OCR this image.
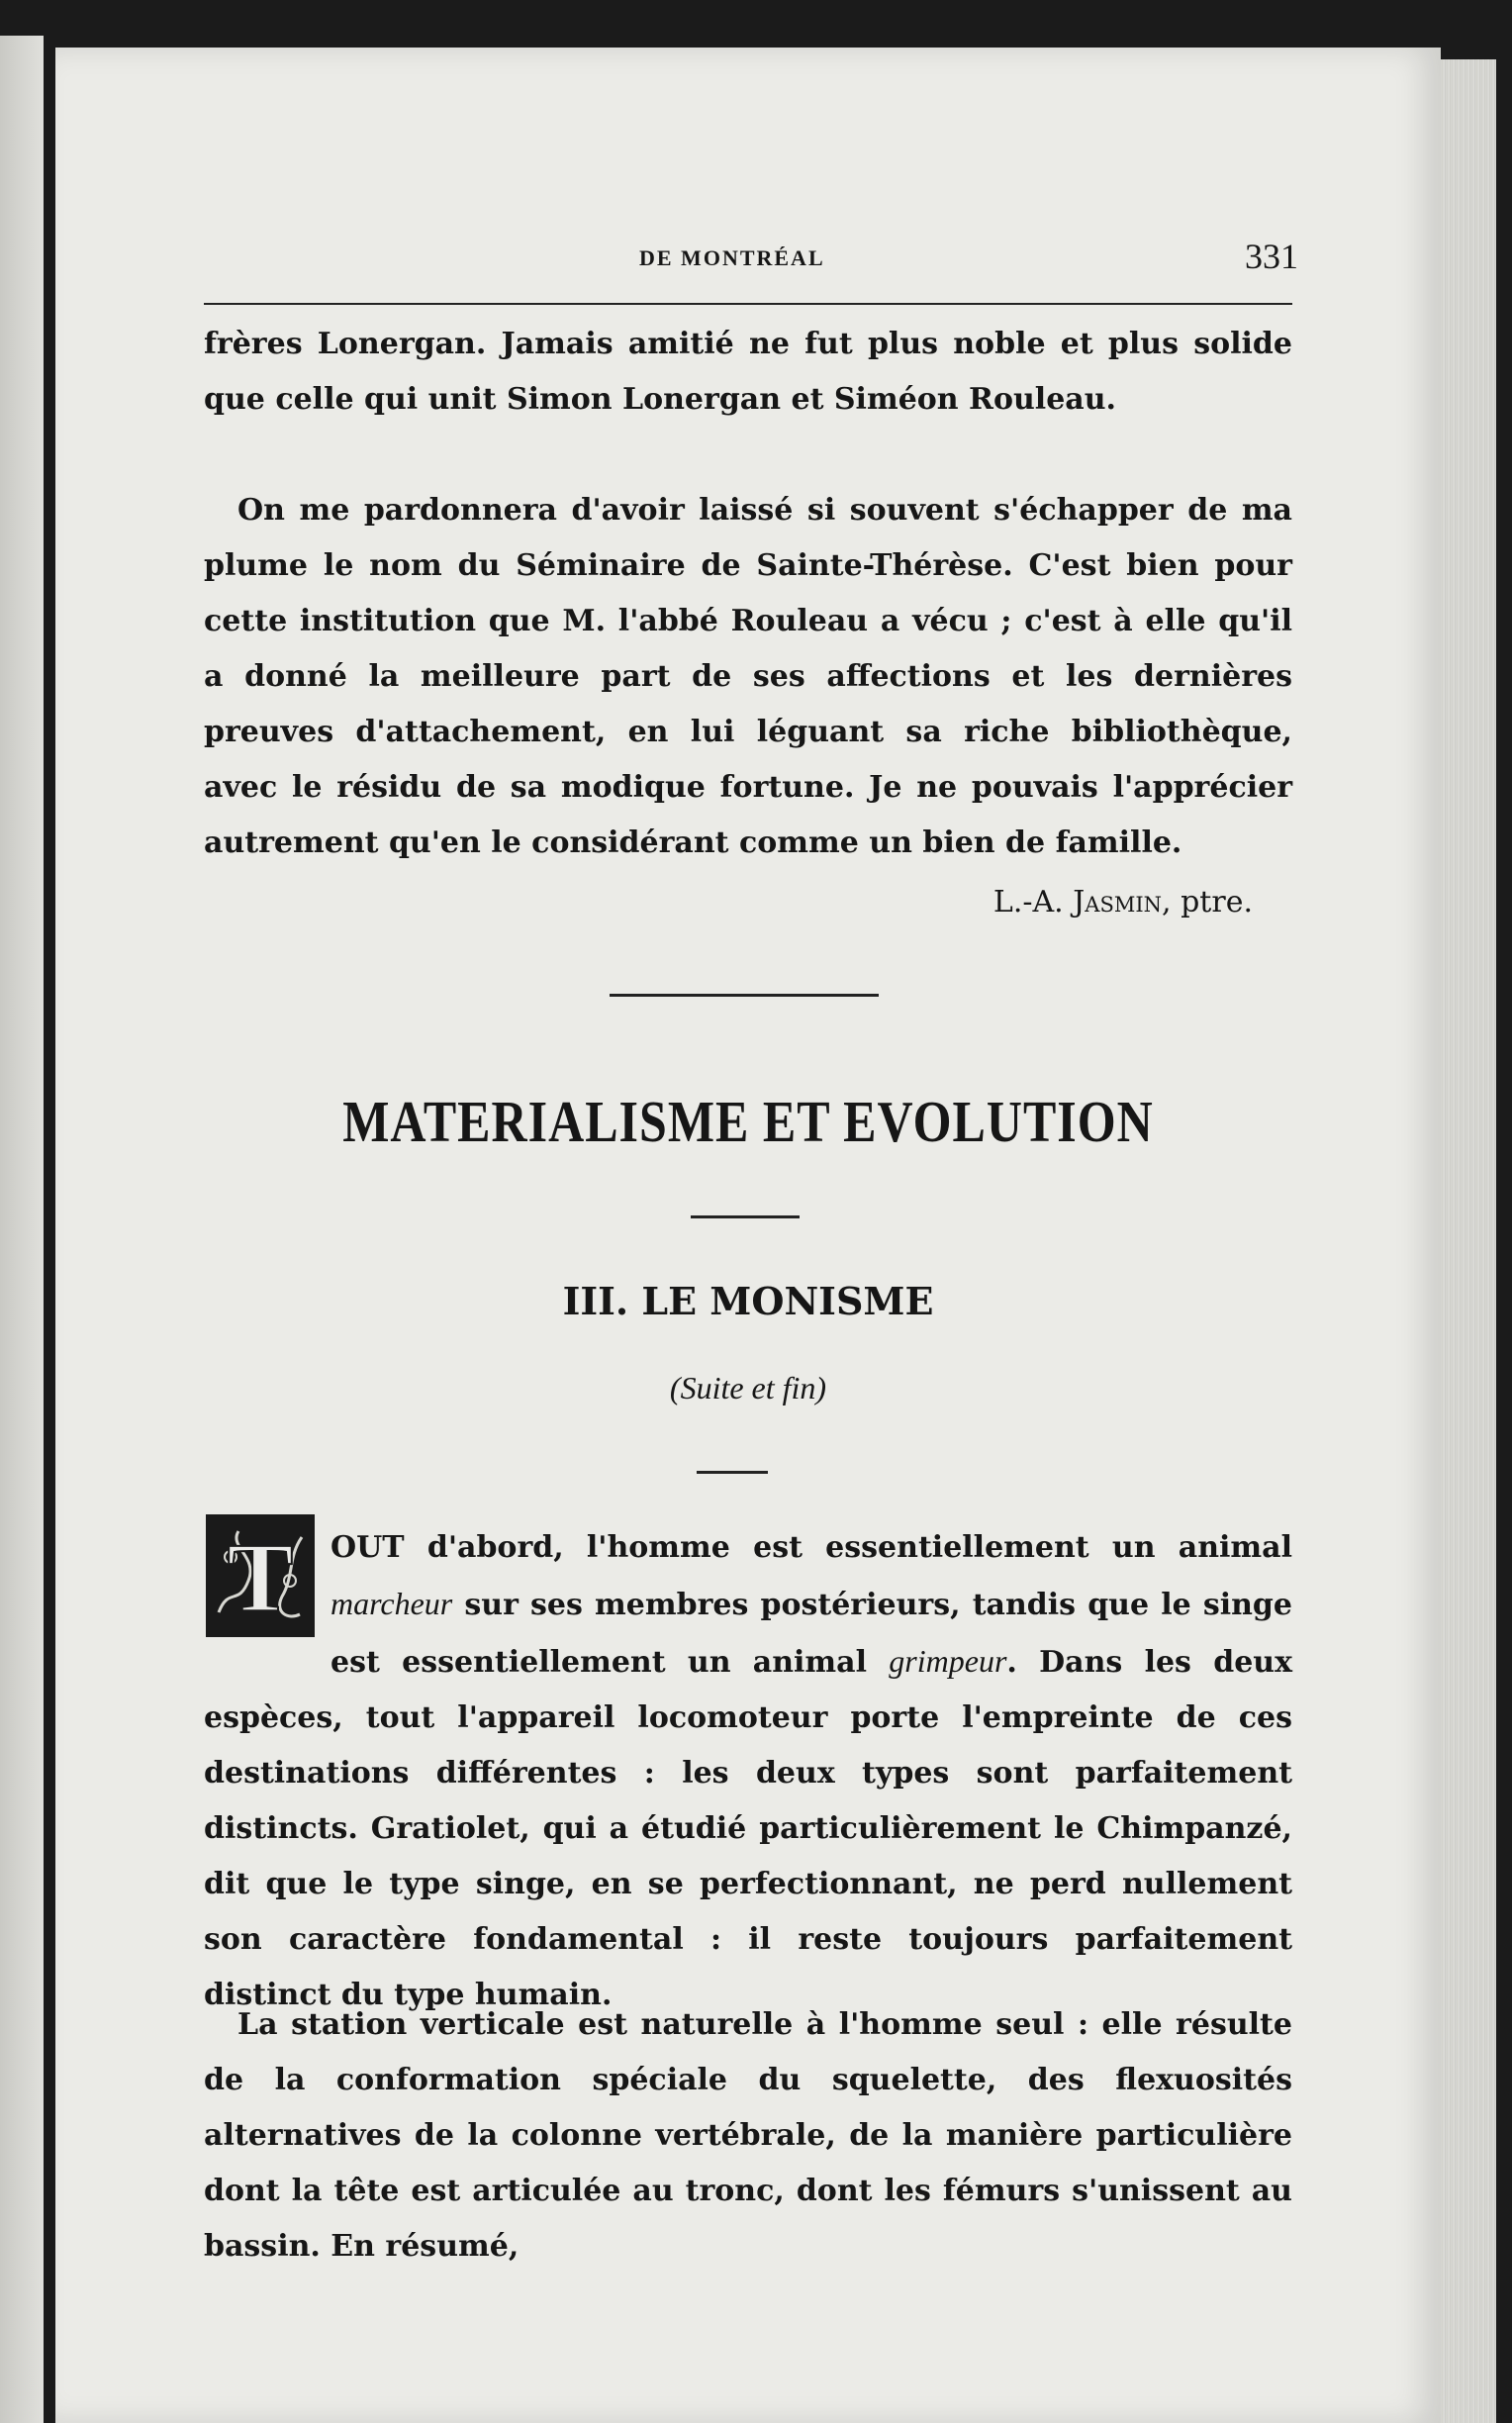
DE MONTRÉAL	331

frères Lonergan. Jamais amitié ne fut plus noble et plus solide que celle qui unit Simon Lonergan et Siméon Rouleau.

On me pardonnera d'avoir laissé si souvent s'échapper de ma plume le nom du Séminaire de Sainte-Thérèse. C'est bien pour cette institution que M. l'abbé Rouleau a vécu ; c'est à elle qu'il a donné la meilleure part de ses affections et les dernières preuves d'attachement, en lui léguant sa riche bibliothèque, avec le résidu de sa modique fortune. Je ne pouvais l'apprécier autrement qu'en le considérant comme un bien de famille.

L.-A. Jasmin, ptre.
MATERIALISME ET EVOLUTION
III. LE MONISME
(Suite et fin)

OUT d'abord, l'homme est essentiellement un animal marcheur sur ses membres postérieurs, tandis que le singe est essentiellement un animal grimpeur. Dans les deux espèces, tout l'appareil locomoteur porte l'empreinte de ces destinations différentes : les deux types sont parfaitement distincts. Gratiolet, qui a étudié particulièrement le Chimpanzé, dit que le type singe, en se perfectionnant, ne perd nullement son caractère fondamental : il reste toujours parfaitement distinct du type humain.

T

La station verticale est naturelle à l'homme seul : elle résulte de la conformation spéciale du squelette, des flexuosités alternatives de la colonne vertébrale, de la manière particulière dont la tête est articulée au tronc, dont les fémurs s'unissent au bassin. En résumé,
